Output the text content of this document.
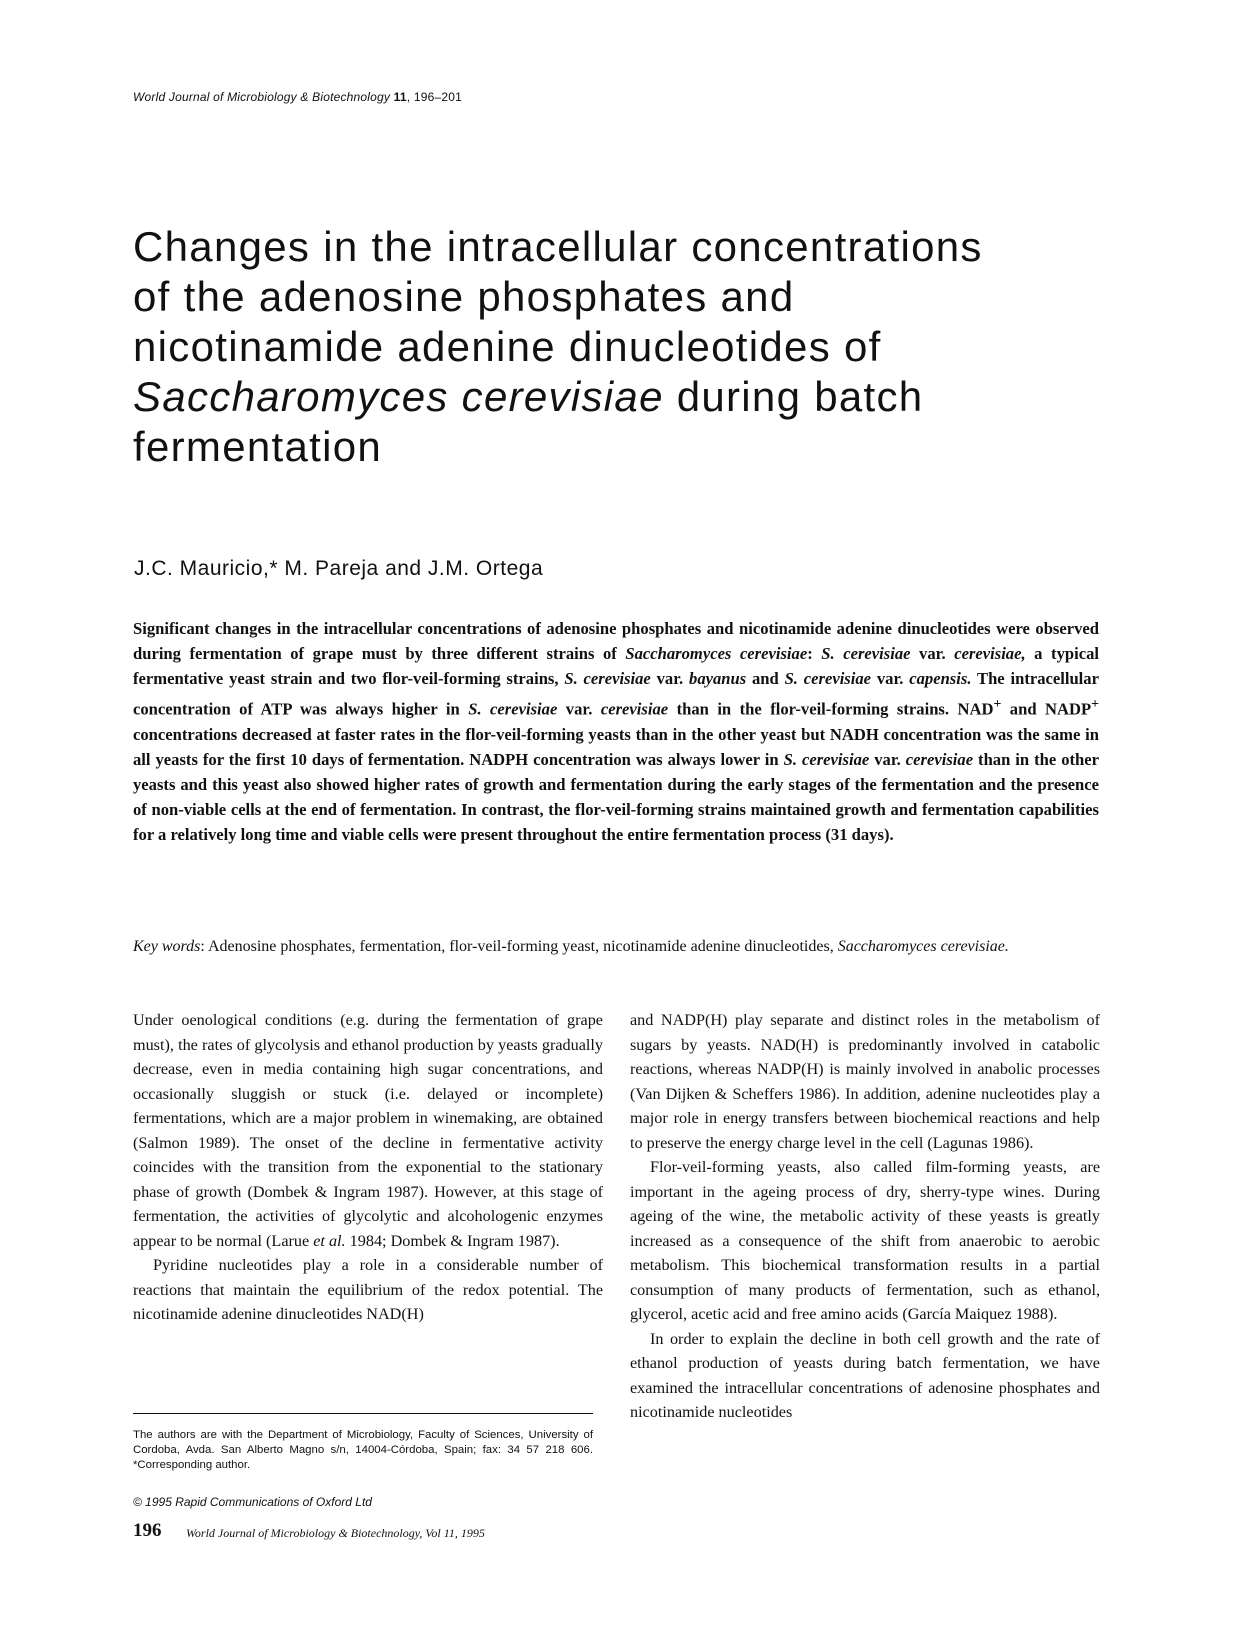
World Journal of Microbiology & Biotechnology 11, 196–201
Changes in the intracellular concentrations
of the adenosine phosphates and
nicotinamide adenine dinucleotides of
Saccharomyces cerevisiae during batch
fermentation
J.C. Mauricio,* M. Pareja and J.M. Ortega
Significant changes in the intracellular concentrations of adenosine phosphates and nicotinamide adenine dinucleotides were observed during fermentation of grape must by three different strains of Saccharomyces cerevisiae: S. cerevisiae var. cerevisiae, a typical fermentative yeast strain and two flor-veil-forming strains, S. cerevisiae var. bayanus and S. cerevisiae var. capensis. The intracellular concentration of ATP was always higher in S. cerevisiae var. cerevisiae than in the flor-veil-forming strains. NAD+ and NADP+ concentrations decreased at faster rates in the flor-veil-forming yeasts than in the other yeast but NADH concentration was the same in all yeasts for the first 10 days of fermentation. NADPH concentration was always lower in S. cerevisiae var. cerevisiae than in the other yeasts and this yeast also showed higher rates of growth and fermentation during the early stages of the fermentation and the presence of non-viable cells at the end of fermentation. In contrast, the flor-veil-forming strains maintained growth and fermentation capabilities for a relatively long time and viable cells were present throughout the entire fermentation process (31 days).
Key words: Adenosine phosphates, fermentation, flor-veil-forming yeast, nicotinamide adenine dinucleotides, Saccharomyces cerevisiae.

Under oenological conditions (e.g. during the fermentation of grape must), the rates of glycolysis and ethanol production by yeasts gradually decrease, even in media containing high sugar concentrations, and occasionally sluggish or stuck (i.e. delayed or incomplete) fermentations, which are a major problem in winemaking, are obtained (Salmon 1989). The onset of the decline in fermentative activity coincides with the transition from the exponential to the stationary phase of growth (Dombek & Ingram 1987). However, at this stage of fermentation, the activities of glycolytic and alcohologenic enzymes appear to be normal (Larue et al. 1984; Dombek & Ingram 1987).

Pyridine nucleotides play a role in a considerable number of reactions that maintain the equilibrium of the redox potential. The nicotinamide adenine dinucleotides NAD(H)

and NADP(H) play separate and distinct roles in the metabolism of sugars by yeasts. NAD(H) is predominantly involved in catabolic reactions, whereas NADP(H) is mainly involved in anabolic processes (Van Dijken & Scheffers 1986). In addition, adenine nucleotides play a major role in energy transfers between biochemical reactions and help to preserve the energy charge level in the cell (Lagunas 1986).

Flor-veil-forming yeasts, also called film-forming yeasts, are important in the ageing process of dry, sherry-type wines. During ageing of the wine, the metabolic activity of these yeasts is greatly increased as a consequence of the shift from anaerobic to aerobic metabolism. This biochemical transformation results in a partial consumption of many products of fermentation, such as ethanol, glycerol, acetic acid and free amino acids (García Maiquez 1988).

In order to explain the decline in both cell growth and the rate of ethanol production of yeasts during batch fermentation, we have examined the intracellular concentrations of adenosine phosphates and nicotinamide nucleotides

The authors are with the Department of Microbiology, Faculty of Sciences, University of Cordoba, Avda. San Alberto Magno s/n, 14004-Córdoba, Spain; fax: 34 57 218 606. *Corresponding author.
© 1995 Rapid Communications of Oxford Ltd
196 World Journal of Microbiology & Biotechnology, Vol 11, 1995
